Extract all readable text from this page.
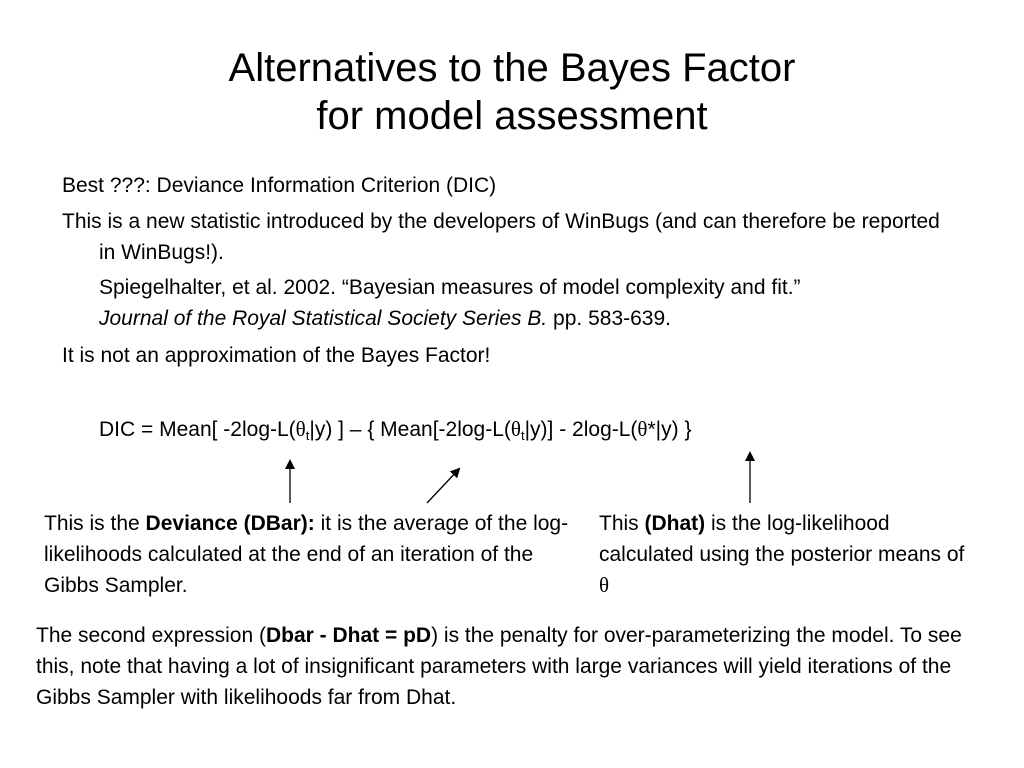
Alternatives to the Bayes Factor
for model assessment
Best ???: Deviance Information Criterion (DIC)
This is a new statistic introduced by the developers of WinBugs (and can therefore be reported in WinBugs!).
Spiegelhalter, et al. 2002. “Bayesian measures of model complexity and fit.”
Journal of the Royal Statistical Society Series B. pp. 583-639.
It is not an approximation of the Bayes Factor!
DIC = Mean[ $-2\log-L(\theta_t|y)$ ] – { $Mean[-2\log-L(\theta_t|y)] - 2\log-L(\theta*|y)$ }
This is the Deviance (DBar): it is the average of the log-likelihoods calculated at the end of an iteration of the Gibbs Sampler.
This (Dhat) is the log-likelihood calculated using the posterior means of θ
The second expression (Dbar - Dhat = pD) is the penalty for over-parameterizing the model. To see this, note that having a lot of insignificant parameters with large variances will yield iterations of the Gibbs Sampler with likelihoods far from Dhat.
